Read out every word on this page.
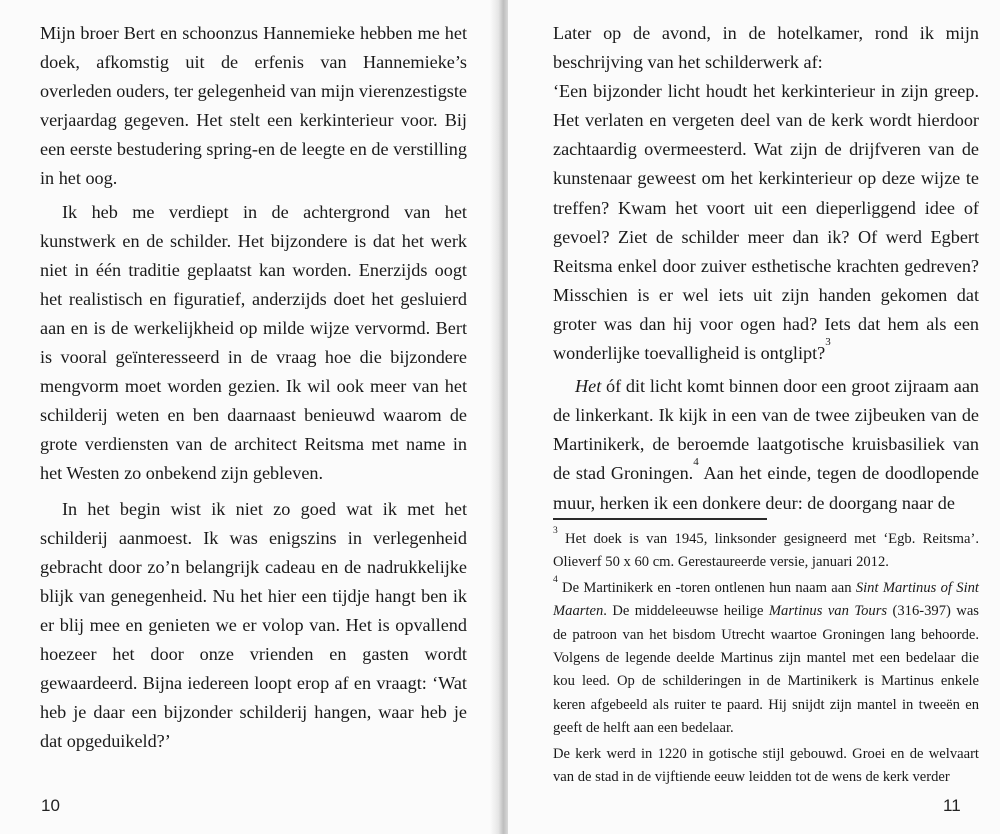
Mijn broer Bert en schoonzus Hannemieke hebben me het doek, afkomstig uit de erfenis van Hannemieke’s overleden ouders, ter gelegenheid van mijn vierenzestigste verjaardag gegeven. Het stelt een kerkinterieur voor. Bij een eerste bestudering spring-en de leegte en de verstilling in het oog.

Ik heb me verdiept in de achtergrond van het kunstwerk en de schilder. Het bijzondere is dat het werk niet in één traditie geplaatst kan worden. Enerzijds oogt het realistisch en figuratief, anderzijds doet het gesluierd aan en is de werkelijkheid op milde wijze vervormd. Bert is vooral geïnteresseerd in de vraag hoe die bijzondere mengvorm moet worden gezien. Ik wil ook meer van het schilderij weten en ben daarnaast benieuwd waarom de grote verdiensten van de architect Reitsma met name in het Westen zo onbekend zijn gebleven.

In het begin wist ik niet zo goed wat ik met het schilderij aanmoest. Ik was enigszins in verlegenheid gebracht door zo’n belangrijk cadeau en de nadrukkelijke blijk van genegenheid. Nu het hier een tijdje hangt ben ik er blij mee en genieten we er volop van. Het is opvallend hoezeer het door onze vrienden en gasten wordt gewaardeerd. Bijna iedereen loopt erop af en vraagt: ‘Wat heb je daar een bijzonder schilderij hangen, waar heb je dat opgeduikeld?’

10

Later op de avond, in de hotelkamer, rond ik mijn beschrijving van het schilderwerk af:

‘Een bijzonder licht houdt het kerkinterieur in zijn greep. Het verlaten en vergeten deel van de kerk wordt hierdoor zachtaardig overmeesterd. Wat zijn de drijfveren van de kunstenaar geweest om het kerkinterieur op deze wijze te treffen? Kwam het voort uit een dieperliggend idee of gevoel? Ziet de schilder meer dan ik? Of werd Egbert Reitsma enkel door zuiver esthetische krachten gedreven? Misschien is er wel iets uit zijn handen gekomen dat groter was dan hij voor ogen had? Iets dat hem als een wonderlijke toevalligheid is ontglipt?$^3$

Het óf dit licht komt binnen door een groot zijraam aan de linkerkant. Ik kijk in een van de twee zijbeuken van de Martinikerk, de beroemde laatgotische kruisbasiliek van de stad Groningen.$^4$ Aan het einde, tegen de doodlopende muur, herken ik een donkere deur: de doorgang naar de

$^3$ Het doek is van 1945, linksonder gesigneerd met ‘Egb. Reitsma’. Olieverf 50 x 60 cm. Gerestaureerde versie, januari 2012.

$^4$ De Martinikerk en -toren ontlenen hun naam aan Sint Martinus of Sint Maarten. De middeleeuwse heilige Martinus van Tours (316-397) was de patroon van het bisdom Utrecht waartoe Groningen lang behoorde. Volgens de legende deelde Martinus zijn mantel met een bedelaar die kou leed. Op de schilderingen in de Martinikerk is Martinus enkele keren afgebeeld als ruiter te paard. Hij snijdt zijn mantel in tweeën en geeft de helft aan een bedelaar.

De kerk werd in 1220 in gotische stijl gebouwd. Groei en de welvaart van de stad in de vijftiende eeuw leidden tot de wens de kerk verder

11
